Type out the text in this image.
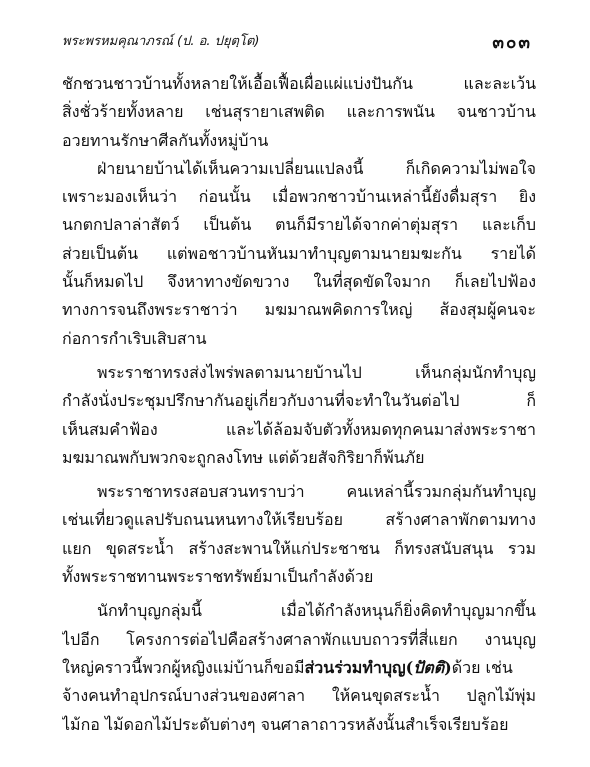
พระพรหมคุณาภรณ์ (ป. อ. ปยุตฺโต)	๓๐๓
ชักชวนชาวบ้านทั้งหลายให้เอื้อเฟื้อเผื่อแผ่แบ่งปันกัน และละเว้น
สิ่งชั่วร้ายทั้งหลาย เช่นสุรายาเสพติด และการพนัน จนชาวบ้าน
อวยทานรักษาศีลกันทั้งหมู่บ้าน
ฝ่ายนายบ้านได้เห็นความเปลี่ยนแปลงนี้ ก็เกิดความไม่พอใจ
เพราะมองเห็นว่า ก่อนนั้น เมื่อพวกชาวบ้านเหล่านี้ยังดื่มสุรา ยิง
นกตกปลาล่าสัตว์ เป็นต้น ตนก็มีรายได้จากค่าตุ่มสุรา และเก็บ
ส่วยเป็นต้น แต่พอชาวบ้านหันมาทำบุญตามนายมฆะกัน รายได้
นั้นก็หมดไป จึงหาทางขัดขวาง ในที่สุดขัดใจมาก ก็เลยไปฟ้อง
ทางการจนถึงพระราชาว่า มฆมาณพคิดการใหญ่ ส้องสุมผู้คนจะ
ก่อการกำเริบเสิบสาน
พระราชาทรงส่งไพร่พลตามนายบ้านไป เห็นกลุ่มนักทำบุญ
กำลังนั่งประชุมปรึกษากันอยู่เกี่ยวกับงานที่จะทำในวันต่อไป ก็
เห็นสมคำฟ้อง และได้ล้อมจับตัวทั้งหมดทุกคนมาส่งพระราชา
มฆมาณพกับพวกจะถูกลงโทษ แต่ด้วยสัจกิริยาก็พ้นภัย
พระราชาทรงสอบสวนทราบว่า คนเหล่านี้รวมกลุ่มกันทำบุญ
เช่นเที่ยวดูแลปรับถนนหนทางให้เรียบร้อย สร้างศาลาพักตามทาง
แยก ขุดสระน้ำ สร้างสะพานให้แก่ประชาชน ก็ทรงสนับสนุน รวม
ทั้งพระราชทานพระราชทรัพย์มาเป็นกำลังด้วย
นักทำบุญกลุ่มนี้ เมื่อได้กำลังหนุนก็ยิ่งคิดทำบุญมากขึ้น
ไปอีก โครงการต่อไปคือสร้างศาลาพักแบบถาวรที่สี่แยก งานบุญ
ใหญ่คราวนี้พวกผู้หญิงแม่บ้านก็ขอมีส่วนร่วมทำบุญ(ปัตติ)ด้วย เช่น
จ้างคนทำอุปกรณ์บางส่วนของศาลา ให้คนขุดสระน้ำ ปลูกไม้พุ่ม
ไม้กอ ไม้ดอกไม้ประดับต่างๆ จนศาลาถาวรหลังนั้นสำเร็จเรียบร้อย
